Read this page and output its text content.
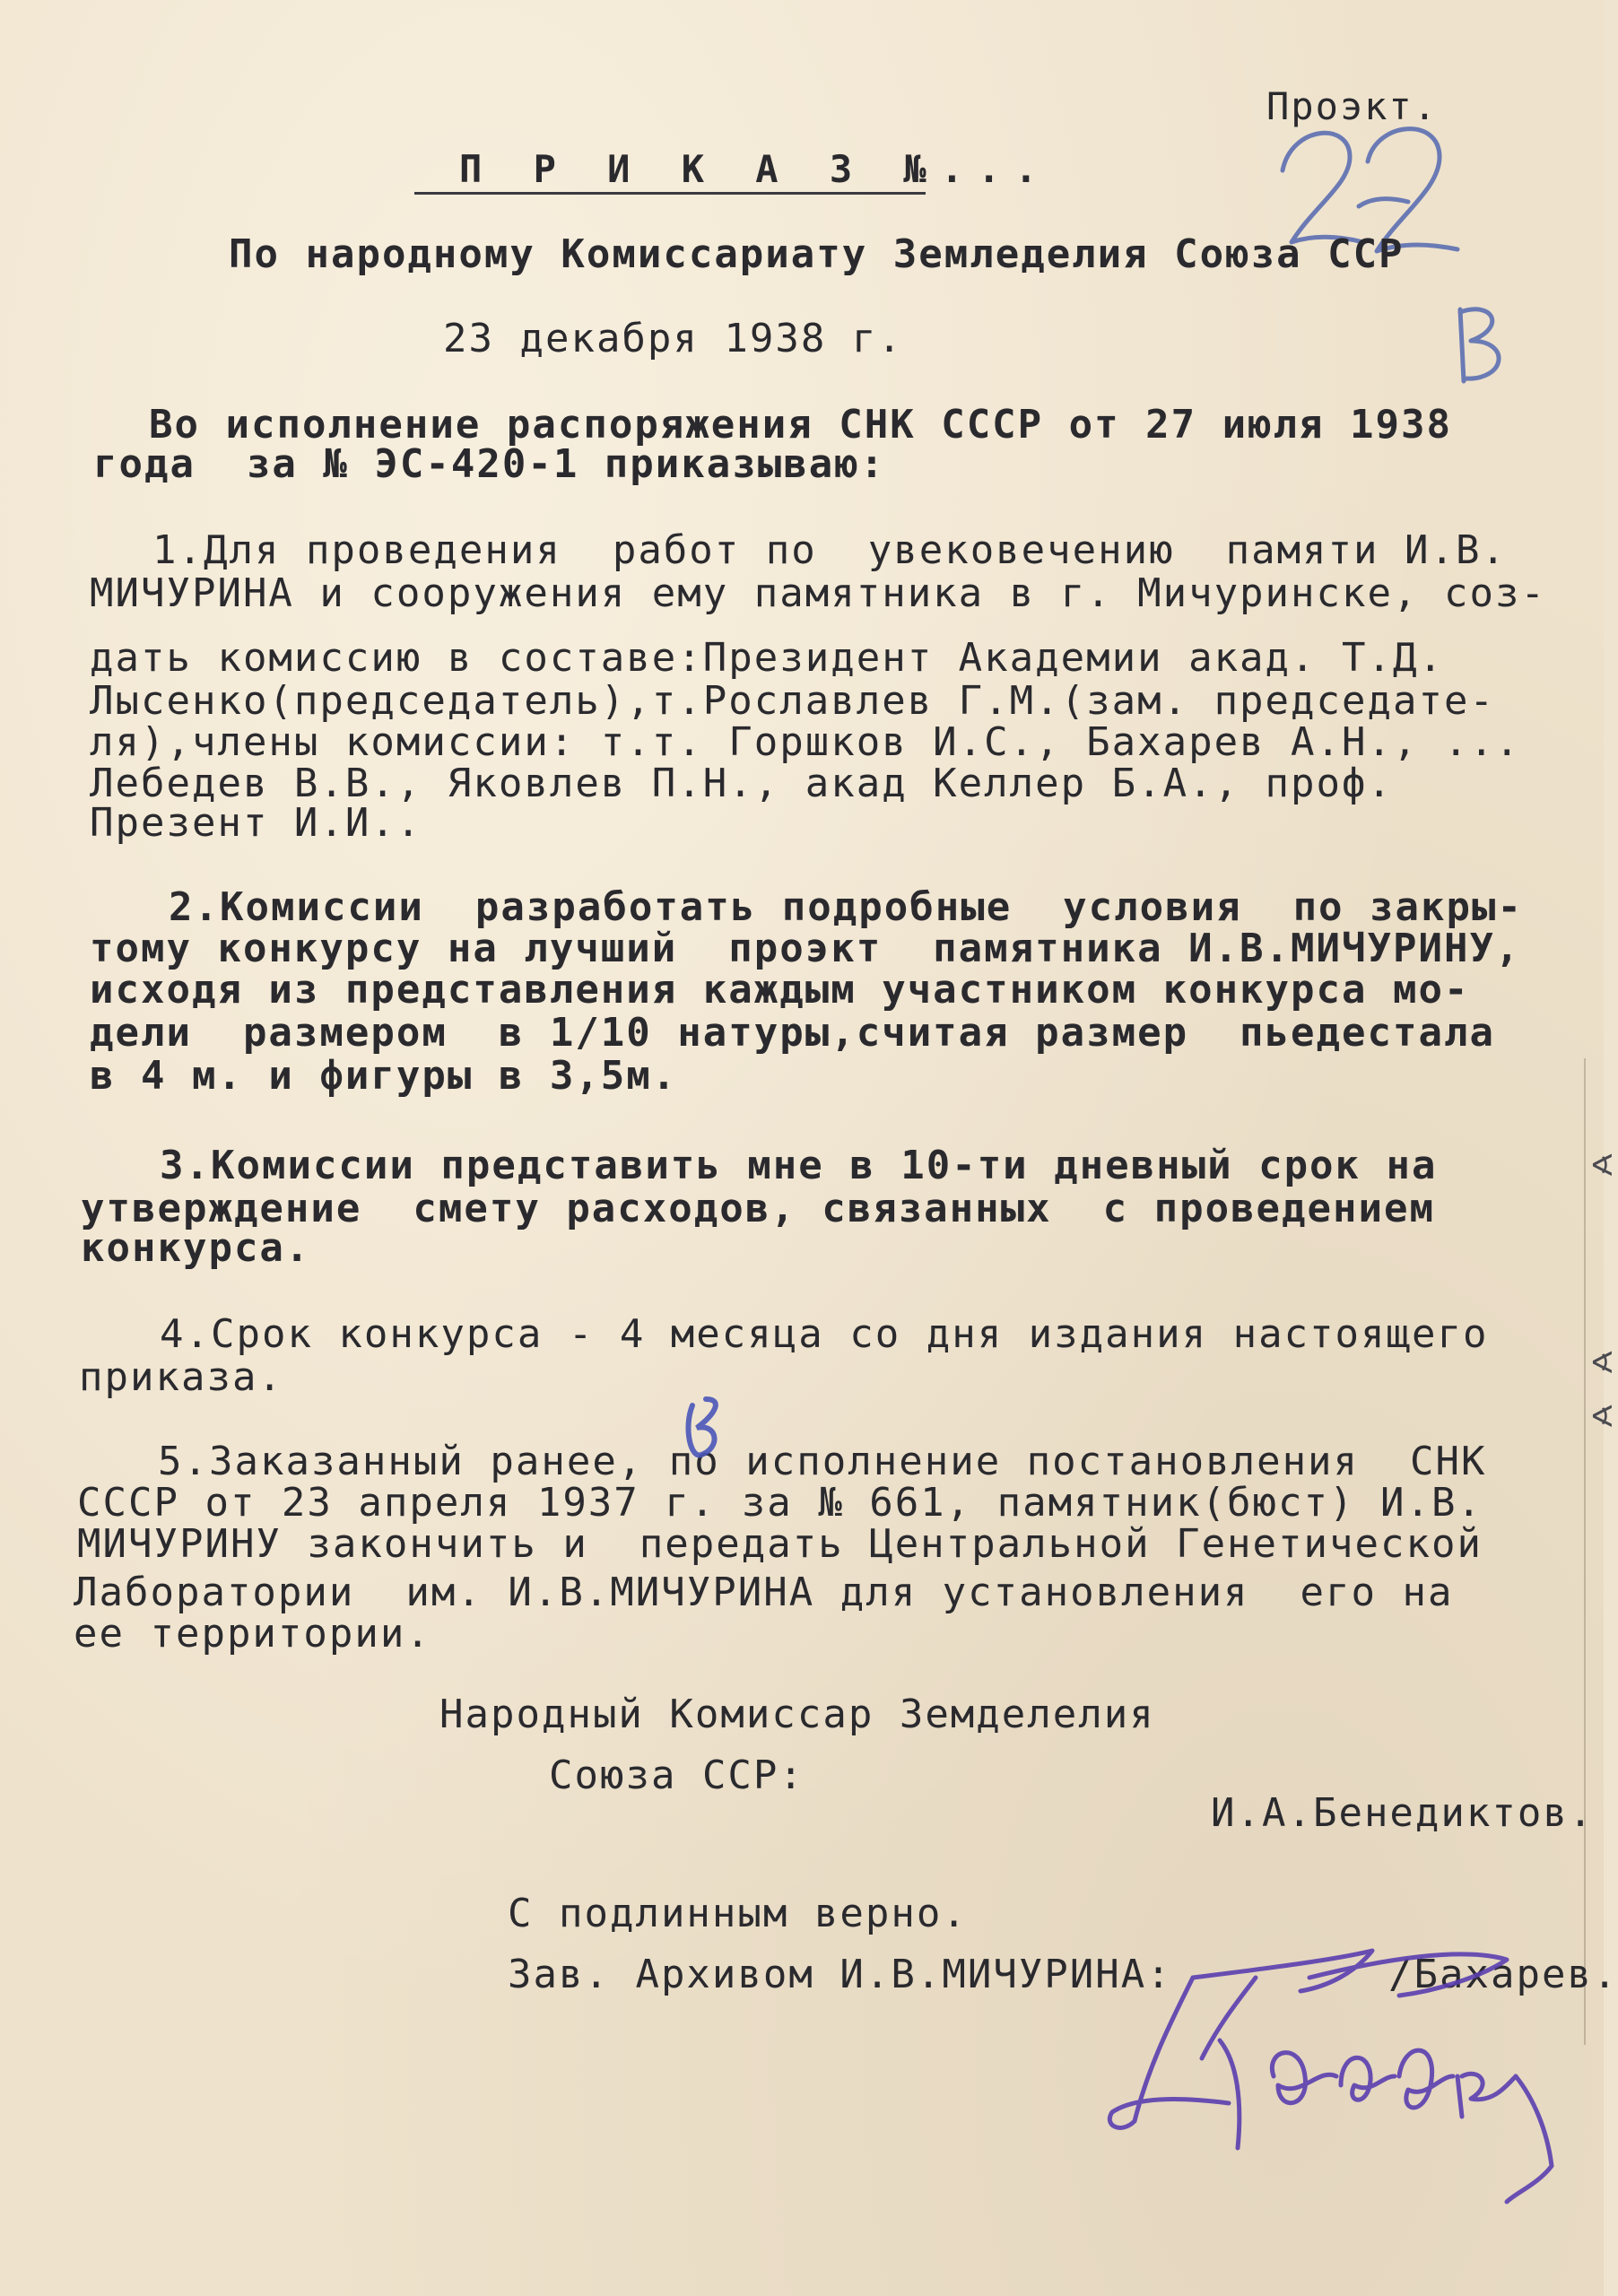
Проэкт.
П Р И К А З №...
По народному Комиссариату Земледелия Союза ССР
23 декабря 1938 г.
Во исполнение распоряжения СНК СССР от 27 июля 1938
года  за № ЭС-420-1 приказываю:
1.Для проведения  работ по  увековечению  памяти И.В.
МИЧУРИНА и сооружения ему памятника в г. Мичуринске, соз-
дать комиссию в составе:Президент Академии акад. Т.Д.
Лысенко(председатель),т.Рославлев Г.М.(зам. председате-
ля),члены комиссии: т.т. Горшков И.С., Бахарев А.Н., ...
Лебедев В.В., Яковлев П.Н., акад Келлер Б.А., проф.
Презент И.И..
2.Комиссии  разработать подробные  условия  по закры-
тому конкурсу на лучший  проэкт  памятника И.В.МИЧУРИНУ,
исходя из представления каждым участником конкурса мо-
дели  размером  в 1/10 натуры,считая размер  пьедестала
в 4 м. и фигуры в 3,5м.
3.Комиссии представить мне в 10-ти дневный срок на
утверждение  смету расходов, связанных  с проведением
конкурса.
4.Срок конкурса - 4 месяца со дня издания настоящего
приказа.
5.Заказанный ранее, по исполнение постановления  СНК
СССР от 23 апреля 1937 г. за № 661, памятник(бюст) И.В.
МИЧУРИНУ закончить и  передать Центральной Генетической
Лаборатории  им. И.В.МИЧУРИНА для установления  его на
ее территории.
Народный Комиссар Земделелия
Союза ССР:
И.А.Бенедиктов.
С подлинным верно.
Зав. Архивом И.В.МИЧУРИНА:	/Бахарев.
∢
∢
∢
